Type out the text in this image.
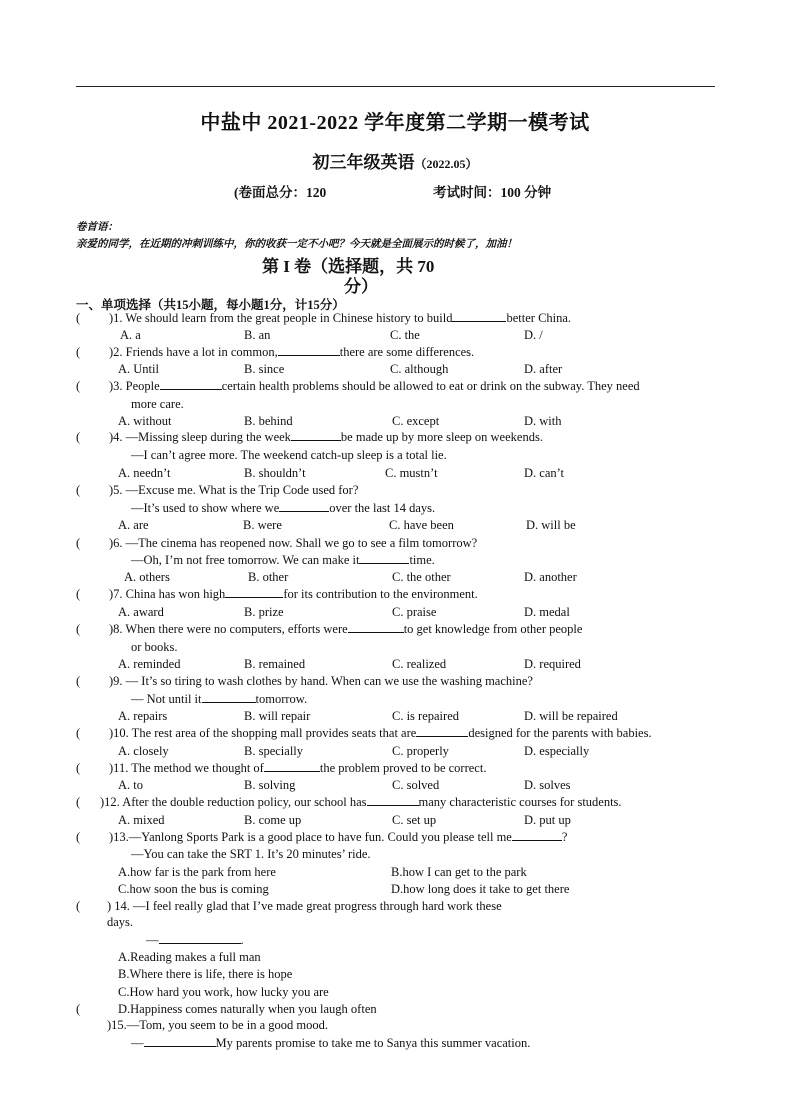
中盐中 2021-2022 学年度第二学期一模考试
初三年级英语（2022.05）
(卷面总分：120	考试时间：100 分钟
卷首语：
亲爱的同学，在近期的冲刺训练中，你的收获一定不小吧？今天就是全面展示的时候了，加油！
第 I 卷（选择题，共 70
分）
一、单项选择（共15小题，每小题1分，计15分）
( )1. We should learn from the great people in Chinese history to build	better China.
A. a	B. an	C. the	D. /
( )2. Friends have a lot in common,	there are some differences.
A. Until	B. since	C. although	D. after
( )3. People	certain health problems should be allowed to eat or drink on the subway. They need
more care.
A. without	B. behind	C. except	D. with
( )4. —Missing sleep during the week	be made up by more sleep on weekends.
—I can’t agree more. The weekend catch-up sleep is a total lie.
A. needn’t	B. shouldn’t	C. mustn’t	D. can’t
( )5. —Excuse me. What is the Trip Code used for?
—It’s used to show where we	over the last 14 days.
A. are	B. were	C. have been	D. will be
( )6. —The cinema has reopened now. Shall we go to see a film tomorrow?
—Oh, I’m not free tomorrow. We can make it	time.
A. others	B. other	C. the other	D. another
( )7. China has won high	for its contribution to the environment.
A. award	B. prize	C. praise	D. medal
( )8. When there were no computers, efforts were	to get knowledge from other people
or books.
A. reminded	B. remained	C. realized	D. required
( )9. — It’s so tiring to wash clothes by hand. When can we use the washing machine?
— Not until it	tomorrow.
A. repairs	B. will repair	C. is repaired	D. will be repaired
( )10. The rest area of the shopping mall provides seats that are	designed for the parents with babies.
A. closely	B. specially	C. properly	D. especially
( )11. The method we thought of	the problem proved to be correct.
A. to	B. solving	C. solved	D. solves
( )12. After the double reduction policy, our school has	many characteristic courses for students.
A. mixed	B. come up	C. set up	D. put up
( )13.—Yanlong Sports Park is a good place to have fun. Could you please tell me	?
—You can take the SRT 1. It’s 20 minutes’ ride.
A.how far is the park from here	B.how I can get to the park
C.how soon the bus is coming	D.how long does it take to get there
( ) 14. —I feel really glad that I’ve made great progress through hard work these
days.
—	.
A.Reading makes a full man
B.Where there is life, there is hope
C.How hard you work, how lucky you are
(	D.Happiness comes naturally when you laugh often
)15.—Tom, you seem to be in a good mood.
—	My parents promise to take me to Sanya this summer vacation.
